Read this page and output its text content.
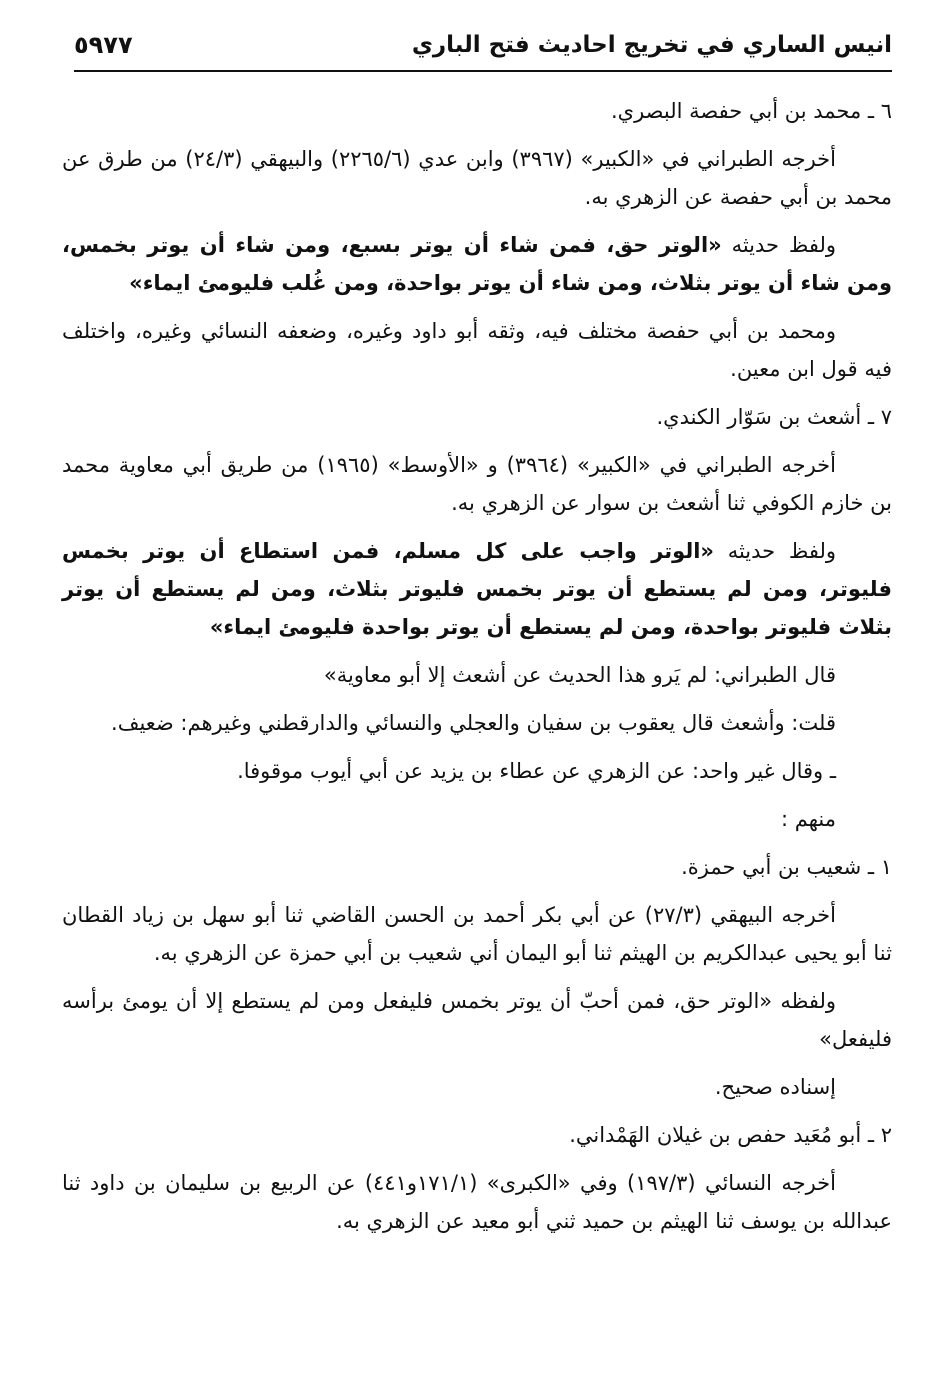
انيس الساري في تخريج احاديث فتح الباري
٥٩٧٧

٦ ـ محمد بن أبي حفصة البصري.

أخرجه الطبراني في «الكبير» (٣٩٦٧) وابن عدي (٢٢٦٥/٦) والبيهقي (٢٤/٣) من طرق عن محمد بن أبي حفصة عن الزهري به.

ولفظ حديثه «الوتر حق، فمن شاء أن يوتر بسبع، ومن شاء أن يوتر بخمس، ومن شاء أن يوتر بثلاث، ومن شاء أن يوتر بواحدة، ومن غُلب فليومئ ايماء»

ومحمد بن أبي حفصة مختلف فيه، وثقه أبو داود وغيره، وضعفه النسائي وغيره، واختلف فيه قول ابن معين.

٧ ـ أشعث بن سَوّار الكندي.

أخرجه الطبراني في «الكبير» (٣٩٦٤) و «الأوسط» (١٩٦٥) من طريق أبي معاوية محمد بن خازم الكوفي ثنا أشعث بن سوار عن الزهري به.

ولفظ حديثه «الوتر واجب على كل مسلم، فمن استطاع أن يوتر بخمس فليوتر، ومن لم يستطع أن يوتر بخمس فليوتر بثلاث، ومن لم يستطع أن يوتر بثلاث فليوتر بواحدة، ومن لم يستطع أن يوتر بواحدة فليومئ ايماء»

قال الطبراني: لم يَرو هذا الحديث عن أشعث إلا أبو معاوية»

قلت: وأشعث قال يعقوب بن سفيان والعجلي والنسائي والدارقطني وغيرهم: ضعيف.

ـ وقال غير واحد: عن الزهري عن عطاء بن يزيد عن أبي أيوب موقوفا.

منهم :

١ ـ شعيب بن أبي حمزة.

أخرجه البيهقي (٢٧/٣) عن أبي بكر أحمد بن الحسن القاضي ثنا أبو سهل بن زياد القطان ثنا أبو يحيى عبدالكريم بن الهيثم ثنا أبو اليمان أني شعيب بن أبي حمزة عن الزهري به.

ولفظه «الوتر حق، فمن أحبّ أن يوتر بخمس فليفعل ومن لم يستطع إلا أن يومئ برأسه فليفعل»

إسناده صحيح.

٢ ـ أبو مُعَيد حفص بن غيلان الهَمْداني.

أخرجه النسائي (١٩٧/٣) وفي «الكبرى» (١٧١/١و٤٤١) عن الربيع بن سليمان بن داود ثنا عبدالله بن يوسف ثنا الهيثم بن حميد ثني أبو معيد عن الزهري به.
